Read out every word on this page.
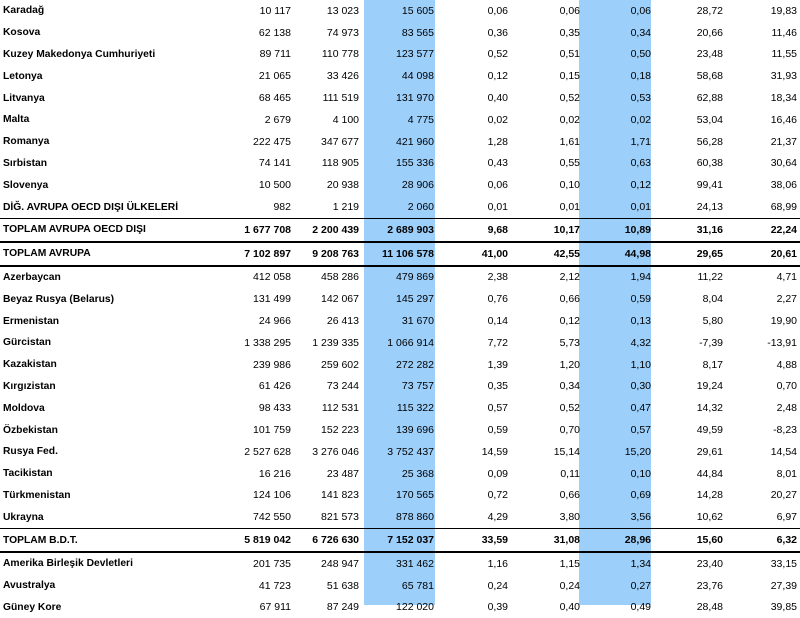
Karadağ	10 117	13 023	15 605	0,06	0,06	0,06	28,72	19,83
Kosova	62 138	74 973	83 565	0,36	0,35	0,34	20,66	11,46
Kuzey Makedonya Cumhuriyeti	89 711	110 778	123 577	0,52	0,51	0,50	23,48	11,55
Letonya	21 065	33 426	44 098	0,12	0,15	0,18	58,68	31,93
Litvanya	68 465	111 519	131 970	0,40	0,52	0,53	62,88	18,34
Malta	2 679	4 100	4 775	0,02	0,02	0,02	53,04	16,46
Romanya	222 475	347 677	421 960	1,28	1,61	1,71	56,28	21,37
Sırbistan	74 141	118 905	155 336	0,43	0,55	0,63	60,38	30,64
Slovenya	10 500	20 938	28 906	0,06	0,10	0,12	99,41	38,06
DİĞ. AVRUPA OECD DIŞI ÜLKELERİ	982	1 219	2 060	0,01	0,01	0,01	24,13	68,99
TOPLAM AVRUPA OECD DIŞI	1 677 708	2 200 439	2 689 903	9,68	10,17	10,89	31,16	22,24
TOPLAM AVRUPA	7 102 897	9 208 763	11 106 578	41,00	42,55	44,98	29,65	20,61
Azerbaycan	412 058	458 286	479 869	2,38	2,12	1,94	11,22	4,71
Beyaz Rusya (Belarus)	131 499	142 067	145 297	0,76	0,66	0,59	8,04	2,27
Ermenistan	24 966	26 413	31 670	0,14	0,12	0,13	5,80	19,90
Gürcistan	1 338 295	1 239 335	1 066 914	7,72	5,73	4,32	-7,39	-13,91
Kazakistan	239 986	259 602	272 282	1,39	1,20	1,10	8,17	4,88
Kırgızistan	61 426	73 244	73 757	0,35	0,34	0,30	19,24	0,70
Moldova	98 433	112 531	115 322	0,57	0,52	0,47	14,32	2,48
Özbekistan	101 759	152 223	139 696	0,59	0,70	0,57	49,59	-8,23
Rusya Fed.	2 527 628	3 276 046	3 752 437	14,59	15,14	15,20	29,61	14,54
Tacikistan	16 216	23 487	25 368	0,09	0,11	0,10	44,84	8,01
Türkmenistan	124 106	141 823	170 565	0,72	0,66	0,69	14,28	20,27
Ukrayna	742 550	821 573	878 860	4,29	3,80	3,56	10,62	6,97
TOPLAM B.D.T.	5 819 042	6 726 630	7 152 037	33,59	31,08	28,96	15,60	6,32
Amerika Birleşik Devletleri	201 735	248 947	331 462	1,16	1,15	1,34	23,40	33,15
Avustralya	41 723	51 638	65 781	0,24	0,24	0,27	23,76	27,39
Güney Kore	67 911	87 249	122 020	0,39	0,40	0,49	28,48	39,85
